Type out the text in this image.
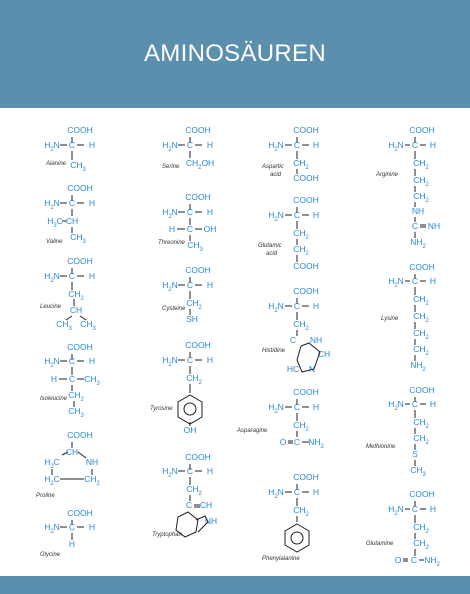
AMINOSÄUREN
COOH
$H_2N$ C H
$CH_3$
Alanine
COOH
$H_2N$ C H
$H_3C$ CH
$CH_3$
Valine
COOH
$H_2N$ C H
$CH_2$
CH
$CH_3$ $CH_3$
Leucine
COOH
$H_2N$ C H
H C $CH_3$
$CH_2$
$CH_3$
Isoleucine
COOH
CH
$H_2C$	NH
$H_2C$	$CH_2$
Proline
COOH
$H_2N$ C H
H
Glycine
COOH
$H_2N$ C H
$CH_2OH$
Serine
COOH
$H_2N$ C H
H C OH
$CH_3$
Threonine
COOH
$H_2N$ C H
$CH_2$
SH
Cysteine
COOH
$H_2N$ C H
$CH_2$
OH
Tyrosine
COOH
$H_2N$ C H
$CH_2$
C CH
NH
Tryptophan
COOH
$H_2N$ C H
$CH_2$
COOH
Aspartic acid
COOH
$H_2N$ C H
$CH_2$
$CH_2$
COOH
Glutamic acid
COOH
$H_2N$ C H
$CH_2$
C NH
CH
HC N
Histidine
COOH
$H_2N$ C H
$CH_2$
O C $NH_2$
Asparagine
COOH
$H_2N$ C H
$CH_2$
Phenylalanine
COOH
$H_2N$ C H
$CH_2$
$CH_2$
$CH_2$
NH
C NH
$NH_2$
Arginine
COOH
$H_2N$ C H
$CH_2$
$CH_2$
$CH_2$
$CH_2$
$NH_2$
Lysine
COOH
$H_2N$ C H
$CH_2$
$CH_2$
S
$CH_3$
Methionine
COOH
$H_2N$ C H
$CH_2$
$CH_2$
O C $NH_2$
Glutamine
